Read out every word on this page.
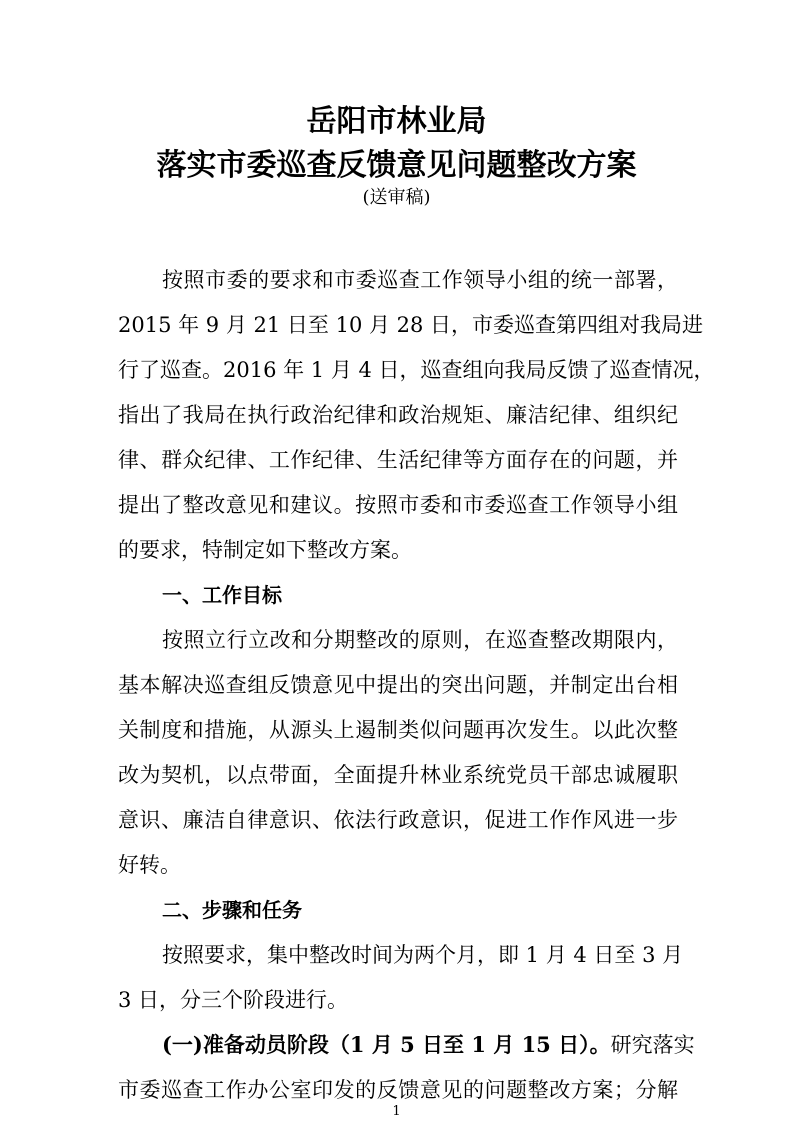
岳阳市林业局
落实市委巡查反馈意见问题整改方案
(送审稿)
按照市委的要求和市委巡查工作领导小组的统一部署，
2015 年 9 月 21 日至 10 月 28 日，市委巡查第四组对我局进
行了巡查。2016 年 1 月 4 日，巡查组向我局反馈了巡查情况，
指出了我局在执行政治纪律和政治规矩、廉洁纪律、组织纪
律、群众纪律、工作纪律、生活纪律等方面存在的问题，并
提出了整改意见和建议。按照市委和市委巡查工作领导小组
的要求，特制定如下整改方案。
一、工作目标
按照立行立改和分期整改的原则，在巡查整改期限内，
基本解决巡查组反馈意见中提出的突出问题，并制定出台相
关制度和措施，从源头上遏制类似问题再次发生。以此次整
改为契机，以点带面，全面提升林业系统党员干部忠诚履职
意识、廉洁自律意识、依法行政意识，促进工作作风进一步
好转。
二、步骤和任务
按照要求，集中整改时间为两个月，即 1 月 4 日至 3 月
3 日，分三个阶段进行。
(一)准备动员阶段（1 月 5 日至 1 月 15 日）。研究落实
市委巡查工作办公室印发的反馈意见的问题整改方案；分解
1
